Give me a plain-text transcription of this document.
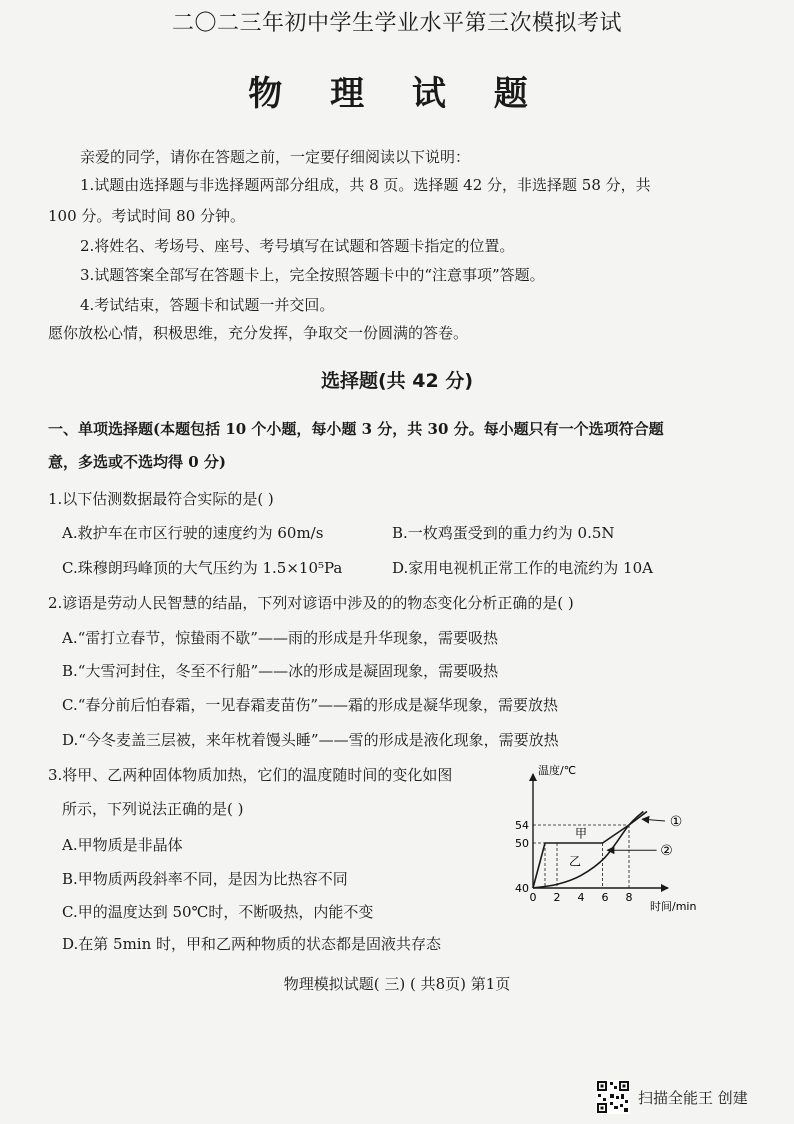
二〇二三年初中学生学业水平第三次模拟考试
物 理 试 题
亲爱的同学，请你在答题之前，一定要仔细阅读以下说明：
1.试题由选择题与非选择题两部分组成，共 8 页。选择题 42 分，非选择题 58 分，共
100 分。考试时间 80 分钟。
2.将姓名、考场号、座号、考号填写在试题和答题卡指定的位置。
3.试题答案全部写在答题卡上，完全按照答题卡中的“注意事项”答题。
4.考试结束，答题卡和试题一并交回。
愿你放松心情，积极思维，充分发挥，争取交一份圆满的答卷。
选择题(共 42 分)
一、单项选择题(本题包括 10 个小题，每小题 3 分，共 30 分。每小题只有一个选项符合题
意，多选或不选均得 0 分)
1.以下估测数据最符合实际的是( )
A.救护车在市区行驶的速度约为 60m/s	B.一枚鸡蛋受到的重力约为 0.5N
C.珠穆朗玛峰顶的大气压约为 1.5×10⁵Pa	D.家用电视机正常工作的电流约为 10A
2.谚语是劳动人民智慧的结晶，下列对谚语中涉及的的物态变化分析正确的是( )
A.“雷打立春节，惊蛰雨不歇”——雨的形成是升华现象，需要吸热
B.“大雪河封住，冬至不行船”——冰的形成是凝固现象，需要吸热
C.“春分前后怕春霜，一见春霜麦苗伤”——霜的形成是凝华现象，需要放热
D.“今冬麦盖三层被，来年枕着馒头睡”——雪的形成是液化现象，需要放热
3.将甲、乙两种固体物质加热，它们的温度随时间的变化如图
所示，下列说法正确的是( )
A.甲物质是非晶体
B.甲物质两段斜率不同，是因为比热容不同
C.甲的温度达到 50℃时，不断吸热，内能不变
D.在第 5min 时，甲和乙两种物质的状态都是固液共存态
温度/℃
时间/min
40
50
54
0 2 4 6 8
甲
乙
①
②
物理模拟试题( 三) ( 共8页) 第1页
扫描全能王 创建
